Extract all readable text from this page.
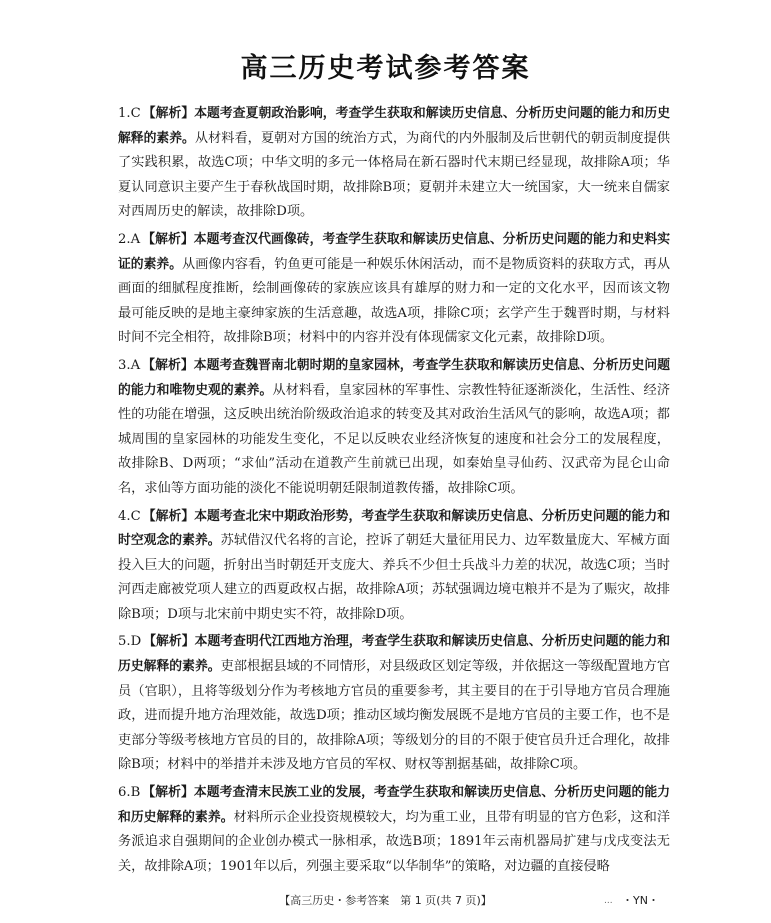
高三历史考试参考答案

1.C 【解析】本题考查夏朝政治影响，考查学生获取和解读历史信息、分析历史问题的能力和历史解释的素养。从材料看，夏朝对方国的统治方式，为商代的内外服制及后世朝代的朝贡制度提供了实践积累，故选C项；中华文明的多元一体格局在新石器时代末期已经显现，故排除A项；华夏认同意识主要产生于春秋战国时期，故排除B项；夏朝并未建立大一统国家，大一统来自儒家对西周历史的解读，故排除D项。

2.A 【解析】本题考查汉代画像砖，考查学生获取和解读历史信息、分析历史问题的能力和史料实证的素养。从画像内容看，钓鱼更可能是一种娱乐休闲活动，而不是物质资料的获取方式，再从画面的细腻程度推断，绘制画像砖的家族应该具有雄厚的财力和一定的文化水平，因而该文物最可能反映的是地主豪绅家族的生活意趣，故选A项，排除C项；玄学产生于魏晋时期，与材料时间不完全相符，故排除B项；材料中的内容并没有体现儒家文化元素，故排除D项。

3.A 【解析】本题考查魏晋南北朝时期的皇家园林，考查学生获取和解读历史信息、分析历史问题的能力和唯物史观的素养。从材料看，皇家园林的军事性、宗教性特征逐渐淡化，生活性、经济性的功能在增强，这反映出统治阶级政治追求的转变及其对政治生活风气的影响，故选A项；都城周围的皇家园林的功能发生变化，不足以反映农业经济恢复的速度和社会分工的发展程度，故排除B、D两项；“求仙”活动在道教产生前就已出现，如秦始皇寻仙药、汉武帝为昆仑山命名，求仙等方面功能的淡化不能说明朝廷限制道教传播，故排除C项。

4.C 【解析】本题考查北宋中期政治形势，考查学生获取和解读历史信息、分析历史问题的能力和时空观念的素养。苏轼借汉代名将的言论，控诉了朝廷大量征用民力、边军数量庞大、军械方面投入巨大的问题，折射出当时朝廷开支庞大、养兵不少但士兵战斗力差的状况，故选C项；当时河西走廊被党项人建立的西夏政权占据，故排除A项；苏轼强调边境屯粮并不是为了赈灾，故排除B项；D项与北宋前中期史实不符，故排除D项。

5.D 【解析】本题考查明代江西地方治理，考查学生获取和解读历史信息、分析历史问题的能力和历史解释的素养。吏部根据县域的不同情形，对县级政区划定等级，并依据这一等级配置地方官员（官职），且将等级划分作为考核地方官员的重要参考，其主要目的在于引导地方官员合理施政，进而提升地方治理效能，故选D项；推动区域均衡发展既不是地方官员的主要工作，也不是吏部分等级考核地方官员的目的，故排除A项；等级划分的目的不限于使官员升迁合理化，故排除B项；材料中的举措并未涉及地方官员的军权、财权等割据基础，故排除C项。

6.B 【解析】本题考查清末民族工业的发展，考查学生获取和解读历史信息、分析历史问题的能力和历史解释的素养。材料所示企业投资规模较大，均为重工业，且带有明显的官方色彩，这和洋务派追求自强期间的企业创办模式一脉相承，故选B项；1891年云南机器局扩建与戊戌变法无关，故排除A项；1901年以后，列强主要采取“以华制华”的策略，对边疆的直接侵略

【高三历史・参考答案　第 1 页(共 7 页)】	... ・YN・
